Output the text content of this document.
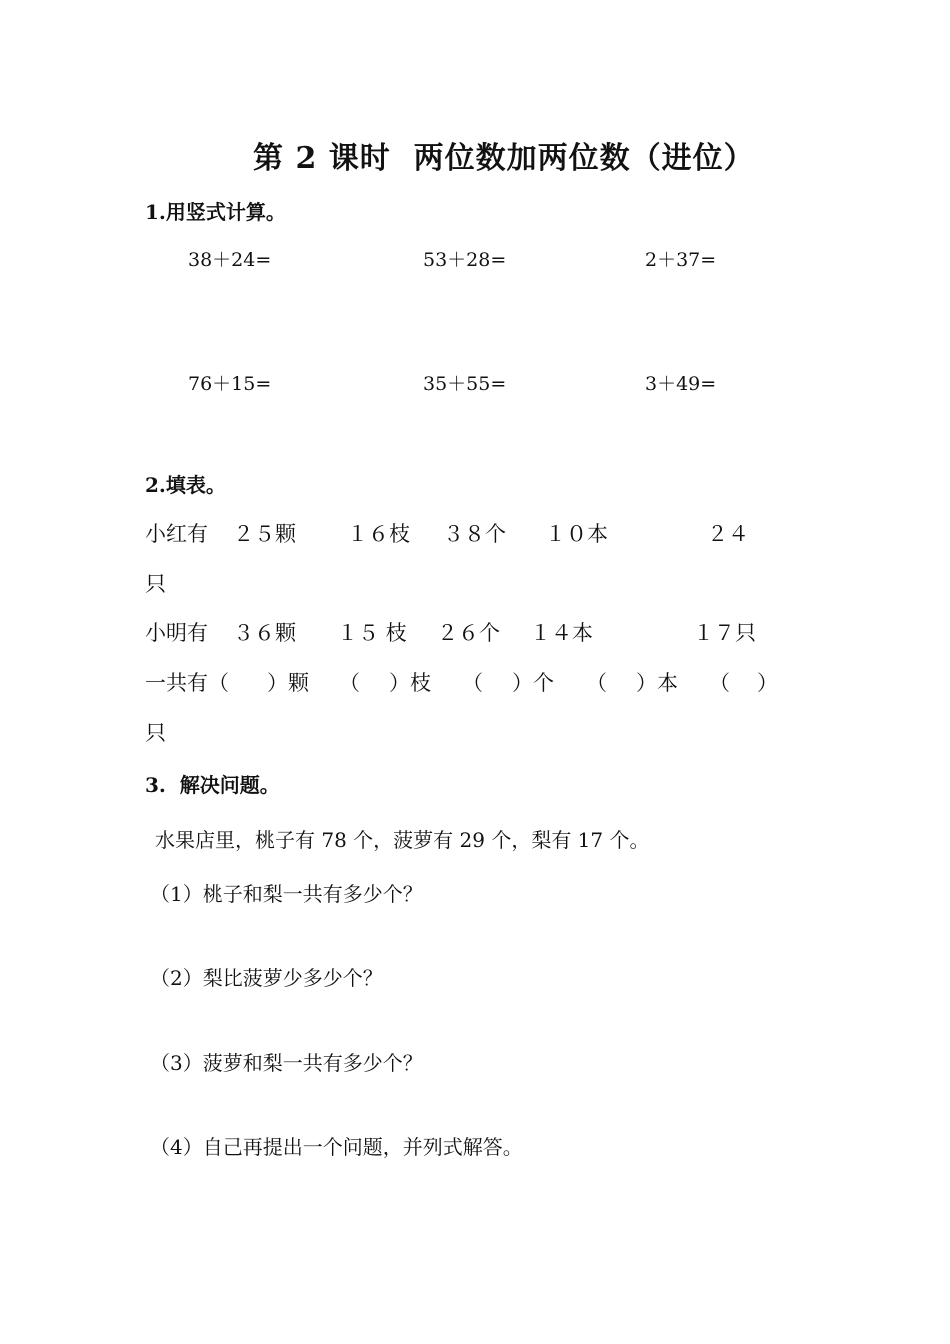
第 2 课时  两位数加两位数（进位）
1.用竖式计算。
38＋24=	53＋28=	2＋37=
76＋15=	35＋55=	3＋49=
2.填表。
小红有 ２５颗 １６枝 ３８个 １０本	２４
只
小明有 ３６颗 １５ 枝 ２６个 １４本	１７只
一共有（ ）颗 （ ）枝 （ ）个 （ ）本 （ ）
只
3.  解决问题。
水果店里，桃子有 78 个，菠萝有 29 个，梨有 17 个。
（1）桃子和梨一共有多少个？
（2）梨比菠萝少多少个？
（3）菠萝和梨一共有多少个？
（4）自己再提出一个问题，并列式解答。
